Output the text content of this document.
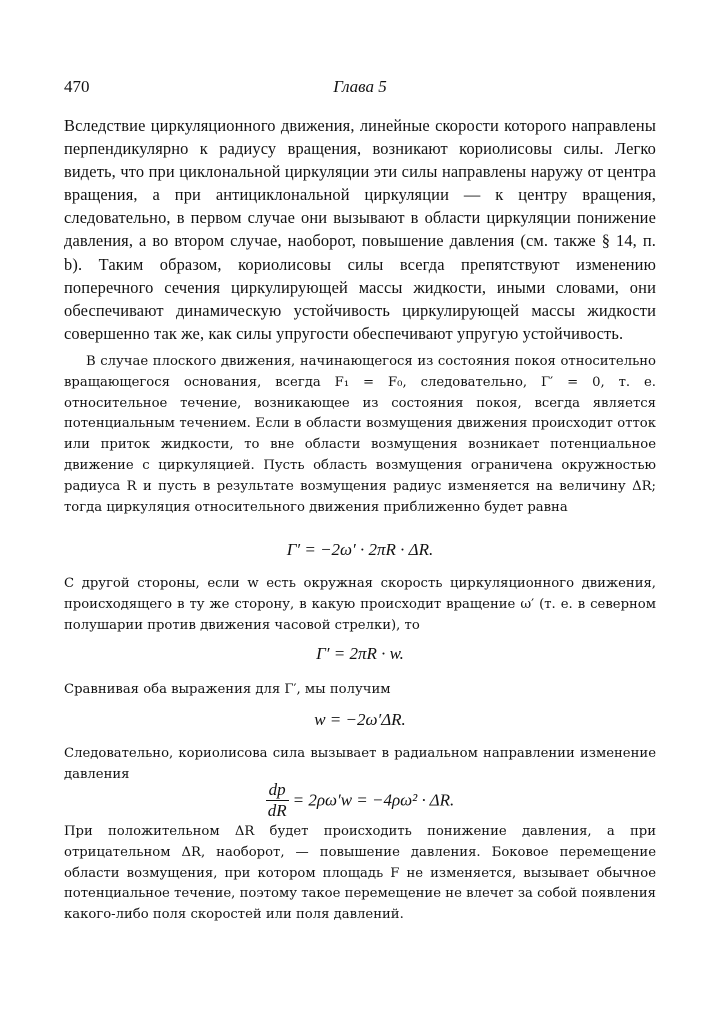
470	Глава 5

Вследствие циркуляционного движения, линейные скорости которого направлены перпендикулярно к радиусу вращения, возникают кориолисовы силы. Легко видеть, что при циклональной циркуляции эти силы направлены наружу от центра вращения, а при антициклональной циркуляции — к центру вращения, следовательно, в первом случае они вызывают в области циркуляции понижение давления, а во втором случае, наоборот, повышение давления (см. также § 14, п. b). Таким образом, кориолисовы силы всегда препятствуют изменению поперечного сечения циркулирующей массы жидкости, иными словами, они обеспечивают динамическую устойчивость циркулирующей массы жидкости совершенно так же, как силы упругости обеспечивают упругую устойчивость.

В случае плоского движения, начинающегося из состояния покоя относительно вращающегося основания, всегда F₁ = F₀, следовательно, Γ′ = 0, т. е. относительное течение, возникающее из состояния покоя, всегда является потенциальным течением. Если в области возмущения движения происходит отток или приток жидкости, то вне области возмущения возникает потенциальное движение с циркуляцией. Пусть область возмущения ограничена окружностью радиуса R и пусть в результате возмущения радиус изменяется на величину ΔR; тогда циркуляция относительного движения приближенно будет равна

Γ′ = −2ω′ · 2πR · ΔR.

С другой стороны, если w есть окружная скорость циркуляционного движения, происходящего в ту же сторону, в какую происходит вращение ω′ (т. е. в северном полушарии против движения часовой стрелки), то

Γ′ = 2πR · w.

Сравнивая оба выражения для Γ′, мы получим

w = −2ω′ΔR.

Следовательно, кориолисова сила вызывает в радиальном направлении изменение давления

$\frac{dp}{dR} = 2\rho\omega'w = -4\rho\omega^2 \cdot \Delta R$.

При положительном ΔR будет происходить понижение давления, а при отрицательном ΔR, наоборот, — повышение давления. Боковое перемещение области возмущения, при котором площадь F не изменяется, вызывает обычное потенциальное течение, поэтому такое перемещение не влечет за собой появления какого-либо поля скоростей или поля давлений.
